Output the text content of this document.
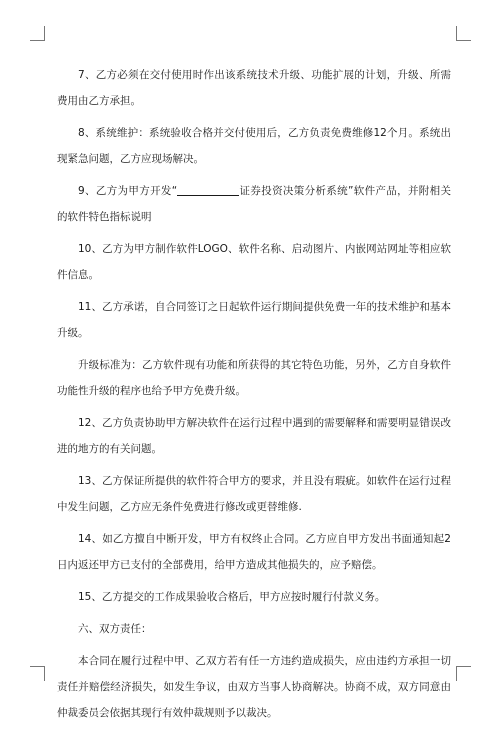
7、乙方必须在交付使用时作出该系统技术升级、功能扩展的计划，升级、所需费用由乙方承担。

8、系统维护：系统验收合格并交付使用后，乙方负责免费维修12个月。系统出现紧急问题，乙方应现场解决。

9、乙方为甲方开发“	证券投资决策分析系统”软件产品，并附相关的软件特色指标说明

10、乙方为甲方制作软件LOGO、软件名称、启动图片、内嵌网站网址等相应软件信息。

11、乙方承诺，自合同签订之日起软件运行期间提供免费一年的技术维护和基本升级。

升级标准为：乙方软件现有功能和所获得的其它特色功能，另外，乙方自身软件功能性升级的程序也给予甲方免费升级。

12、乙方负责协助甲方解决软件在运行过程中遇到的需要解释和需要明显错误改进的地方的有关问题。

13、乙方保证所提供的软件符合甲方的要求，并且没有瑕疵。如软件在运行过程中发生问题，乙方应无条件免费进行修改或更替维修.

14、如乙方擅自中断开发，甲方有权终止合同。乙方应自甲方发出书面通知起2日内返还甲方已支付的全部费用，给甲方造成其他损失的，应予赔偿。

15、乙方提交的工作成果验收合格后，甲方应按时履行付款义务。

六、双方责任：

本合同在履行过程中甲、乙双方若有任一方违约造成损失，应由违约方承担一切责任并赔偿经济损失，如发生争议，由双方当事人协商解决。协商不成，双方同意由仲裁委员会依据其现行有效仲裁规则予以裁决。
